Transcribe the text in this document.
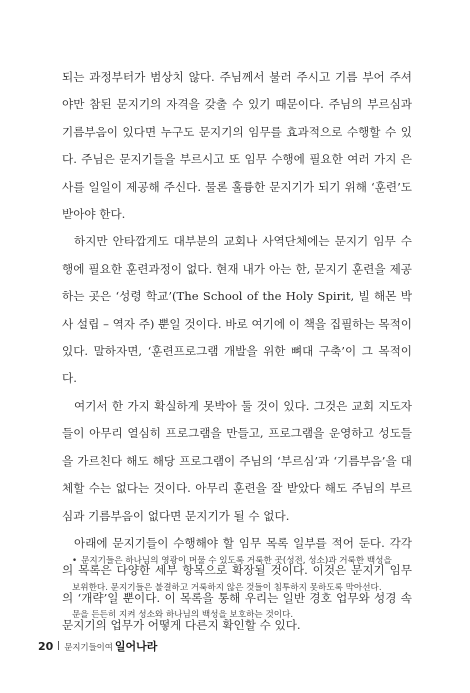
되는 과정부터가 범상치 않다. 주님께서 불러 주시고 기름 부어 주셔야만 참된 문지기의 자격을 갖출 수 있기 때문이다. 주님의 부르심과 기름부음이 있다면 누구도 문지기의 임무를 효과적으로 수행할 수 있다. 주님은 문지기들을 부르시고 또 임무 수행에 필요한 여러 가지 은사를 일일이 제공해 주신다. 물론 훌륭한 문지기가 되기 위해 ‘훈련’도 받아야 한다.

하지만 안타깝게도 대부분의 교회나 사역단체에는 문지기 임무 수행에 필요한 훈련과정이 없다. 현재 내가 아는 한, 문지기 훈련을 제공하는 곳은 ‘성령 학교’(The School of the Holy Spirit, 빌 해몬 박사 설립 – 역자 주) 뿐일 것이다. 바로 여기에 이 책을 집필하는 목적이 있다. 말하자면, ‘훈련프로그램 개발을 위한 뼈대 구축’이 그 목적이다.

여기서 한 가지 확실하게 못박아 둘 것이 있다. 그것은 교회 지도자들이 아무리 열심히 프로그램을 만들고, 프로그램을 운영하고 성도들을 가르친다 해도 해당 프로그램이 주님의 ‘부르심’과 ‘기름부음’을 대체할 수는 없다는 것이다. 아무리 훈련을 잘 받았다 해도 주님의 부르심과 기름부음이 없다면 문지기가 될 수 없다.

아래에 문지기들이 수행해야 할 임무 목록 일부를 적어 둔다. 각각의 목록은 다양한 세부 항목으로 확장될 것이다. 이것은 문지기 임무의 ‘개략’일 뿐이다. 이 목록을 통해 우리는 일반 경호 업무와 성경 속 문지기의 업무가 어떻게 다른지 확인할 수 있다.

• 문지기들은 하나님의 영광이 머물 수 있도록 거룩한 곳(성전, 성소)과 거룩한 백성을

보위한다. 문지기들은 불결하고 거룩하지 않은 것들이 침투하지 못하도록 막아선다.

문을 든든히 지켜 성소와 하나님의 백성을 보호하는 것이다.

20 문지기들이여 일어나라
